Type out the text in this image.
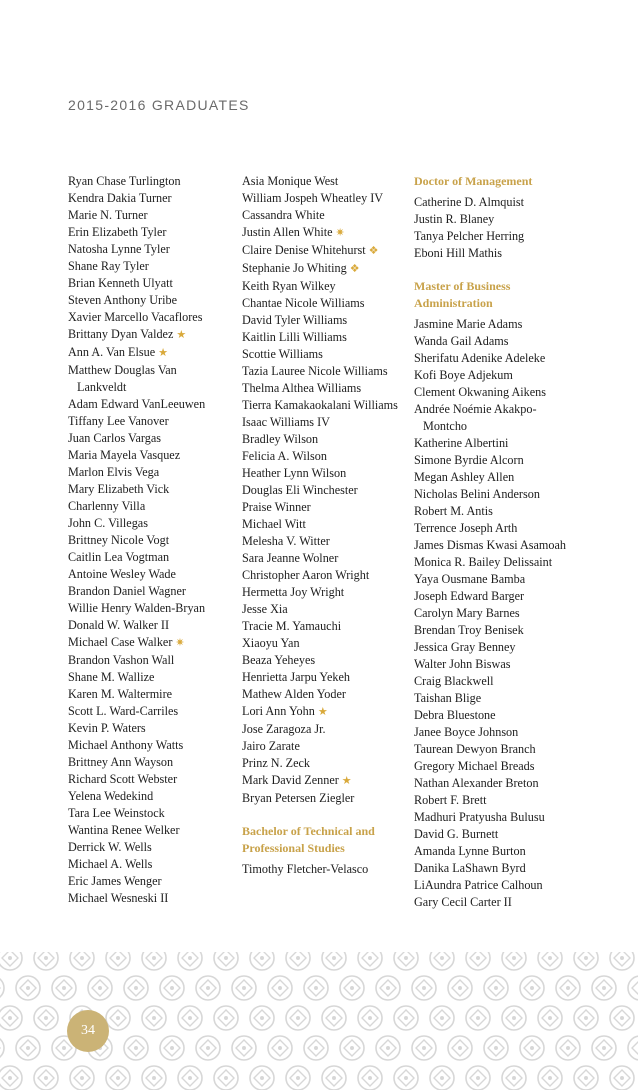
2015-2016 GRADUATES
Ryan Chase Turlington
Kendra Dakia Turner
Marie N. Turner
Erin Elizabeth Tyler
Natosha Lynne Tyler
Shane Ray Tyler
Brian Kenneth Ulyatt
Steven Anthony Uribe
Xavier Marcello Vacaflores
Brittany Dyan Valdez★
Ann A. Van Elsue★
Matthew Douglas Van
Lankveldt
Adam Edward VanLeeuwen
Tiffany Lee Vanover
Juan Carlos Vargas
Maria Mayela Vasquez
Marlon Elvis Vega
Mary Elizabeth Vick
Charlenny Villa
John C. Villegas
Brittney Nicole Vogt
Caitlin Lea Vogtman
Antoine Wesley Wade
Brandon Daniel Wagner
Willie Henry Walden-Bryan
Donald W. Walker II
Michael Case Walker✷
Brandon Vashon Wall
Shane M. Wallize
Karen M. Waltermire
Scott L. Ward-Carriles
Kevin P. Waters
Michael Anthony Watts
Brittney Ann Wayson
Richard Scott Webster
Yelena Wedekind
Tara Lee Weinstock
Wantina Renee Welker
Derrick W. Wells
Michael A. Wells
Eric James Wenger
Michael Wesneski II
Asia Monique West
William Jospeh Wheatley IV
Cassandra White
Justin Allen White✷
Claire Denise Whitehurst❖
Stephanie Jo Whiting❖
Keith Ryan Wilkey
Chantae Nicole Williams
David Tyler Williams
Kaitlin Lilli Williams
Scottie Williams
Tazia Lauree Nicole Williams
Thelma Althea Williams
Tierra Kamakaokalani Williams
Isaac Williams IV
Bradley Wilson
Felicia A. Wilson
Heather Lynn Wilson
Douglas Eli Winchester
Praise Winner
Michael Witt
Melesha V. Witter
Sara Jeanne Wolner
Christopher Aaron Wright
Hermetta Joy Wright
Jesse Xia
Tracie M. Yamauchi
Xiaoyu Yan
Beaza Yeheyes
Henrietta Jarpu Yekeh
Mathew Alden Yoder
Lori Ann Yohn★
Jose Zaragoza Jr.
Jairo Zarate
Prinz N. Zeck
Mark David Zenner★
Bryan Petersen Ziegler
Bachelor of Technical and
Professional Studies
Timothy Fletcher-Velasco
Doctor of Management
Catherine D. Almquist
Justin R. Blaney
Tanya Pelcher Herring
Eboni Hill Mathis
Master of Business
Administration
Jasmine Marie Adams
Wanda Gail Adams
Sherifatu Adenike Adeleke
Kofi Boye Adjekum
Clement Okwaning Aikens
Andrée Noémie Akakpo-
Montcho
Katherine Albertini
Simone Byrdie Alcorn
Megan Ashley Allen
Nicholas Belini Anderson
Robert M. Antis
Terrence Joseph Arth
James Dismas Kwasi Asamoah
Monica R. Bailey Delissaint
Yaya Ousmane Bamba
Joseph Edward Barger
Carolyn Mary Barnes
Brendan Troy Benisek
Jessica Gray Benney
Walter John Biswas
Craig Blackwell
Taishan Blige
Debra Bluestone
Janee Boyce Johnson
Taurean Dewyon Branch
Gregory Michael Breads
Nathan Alexander Breton
Robert F. Brett
Madhuri Pratyusha Bulusu
David G. Burnett
Amanda Lynne Burton
Danika LaShawn Byrd
LiAundra Patrice Calhoun
Gary Cecil Carter II
34
